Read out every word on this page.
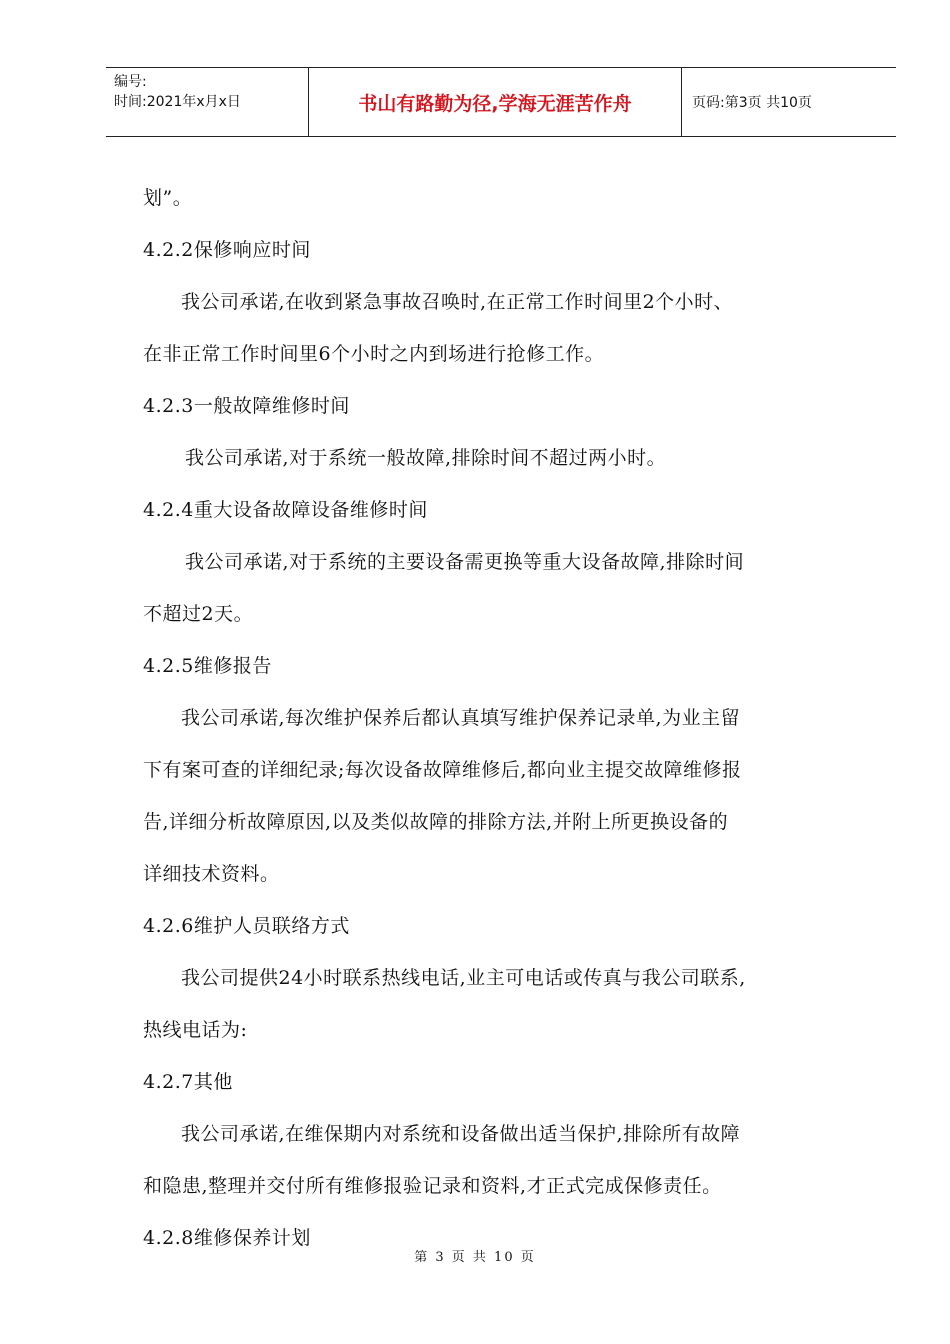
编号:
时间:2021年x月x日	书山有路勤为径,学海无涯苦作舟	页码:第3页 共10页

划”。

4.2.2保修响应时间

我公司承诺,在收到紧急事故召唤时,在正常工作时间里2个小时、

在非正常工作时间里6个小时之内到场进行抢修工作。

4.2.3一般故障维修时间

我公司承诺,对于系统一般故障,排除时间不超过两小时。

4.2.4重大设备故障设备维修时间

我公司承诺,对于系统的主要设备需更换等重大设备故障,排除时间

不超过2天。

4.2.5维修报告

我公司承诺,每次维护保养后都认真填写维护保养记录单,为业主留

下有案可查的详细纪录;每次设备故障维修后,都向业主提交故障维修报

告,详细分析故障原因,以及类似故障的排除方法,并附上所更换设备的

详细技术资料。

4.2.6维护人员联络方式

我公司提供24小时联系热线电话,业主可电话或传真与我公司联系,

热线电话为:

4.2.7其他

我公司承诺,在维保期内对系统和设备做出适当保护,排除所有故障

和隐患,整理并交付所有维修报验记录和资料,才正式完成保修责任。

4.2.8维修保养计划

第 3 页 共 10 页
